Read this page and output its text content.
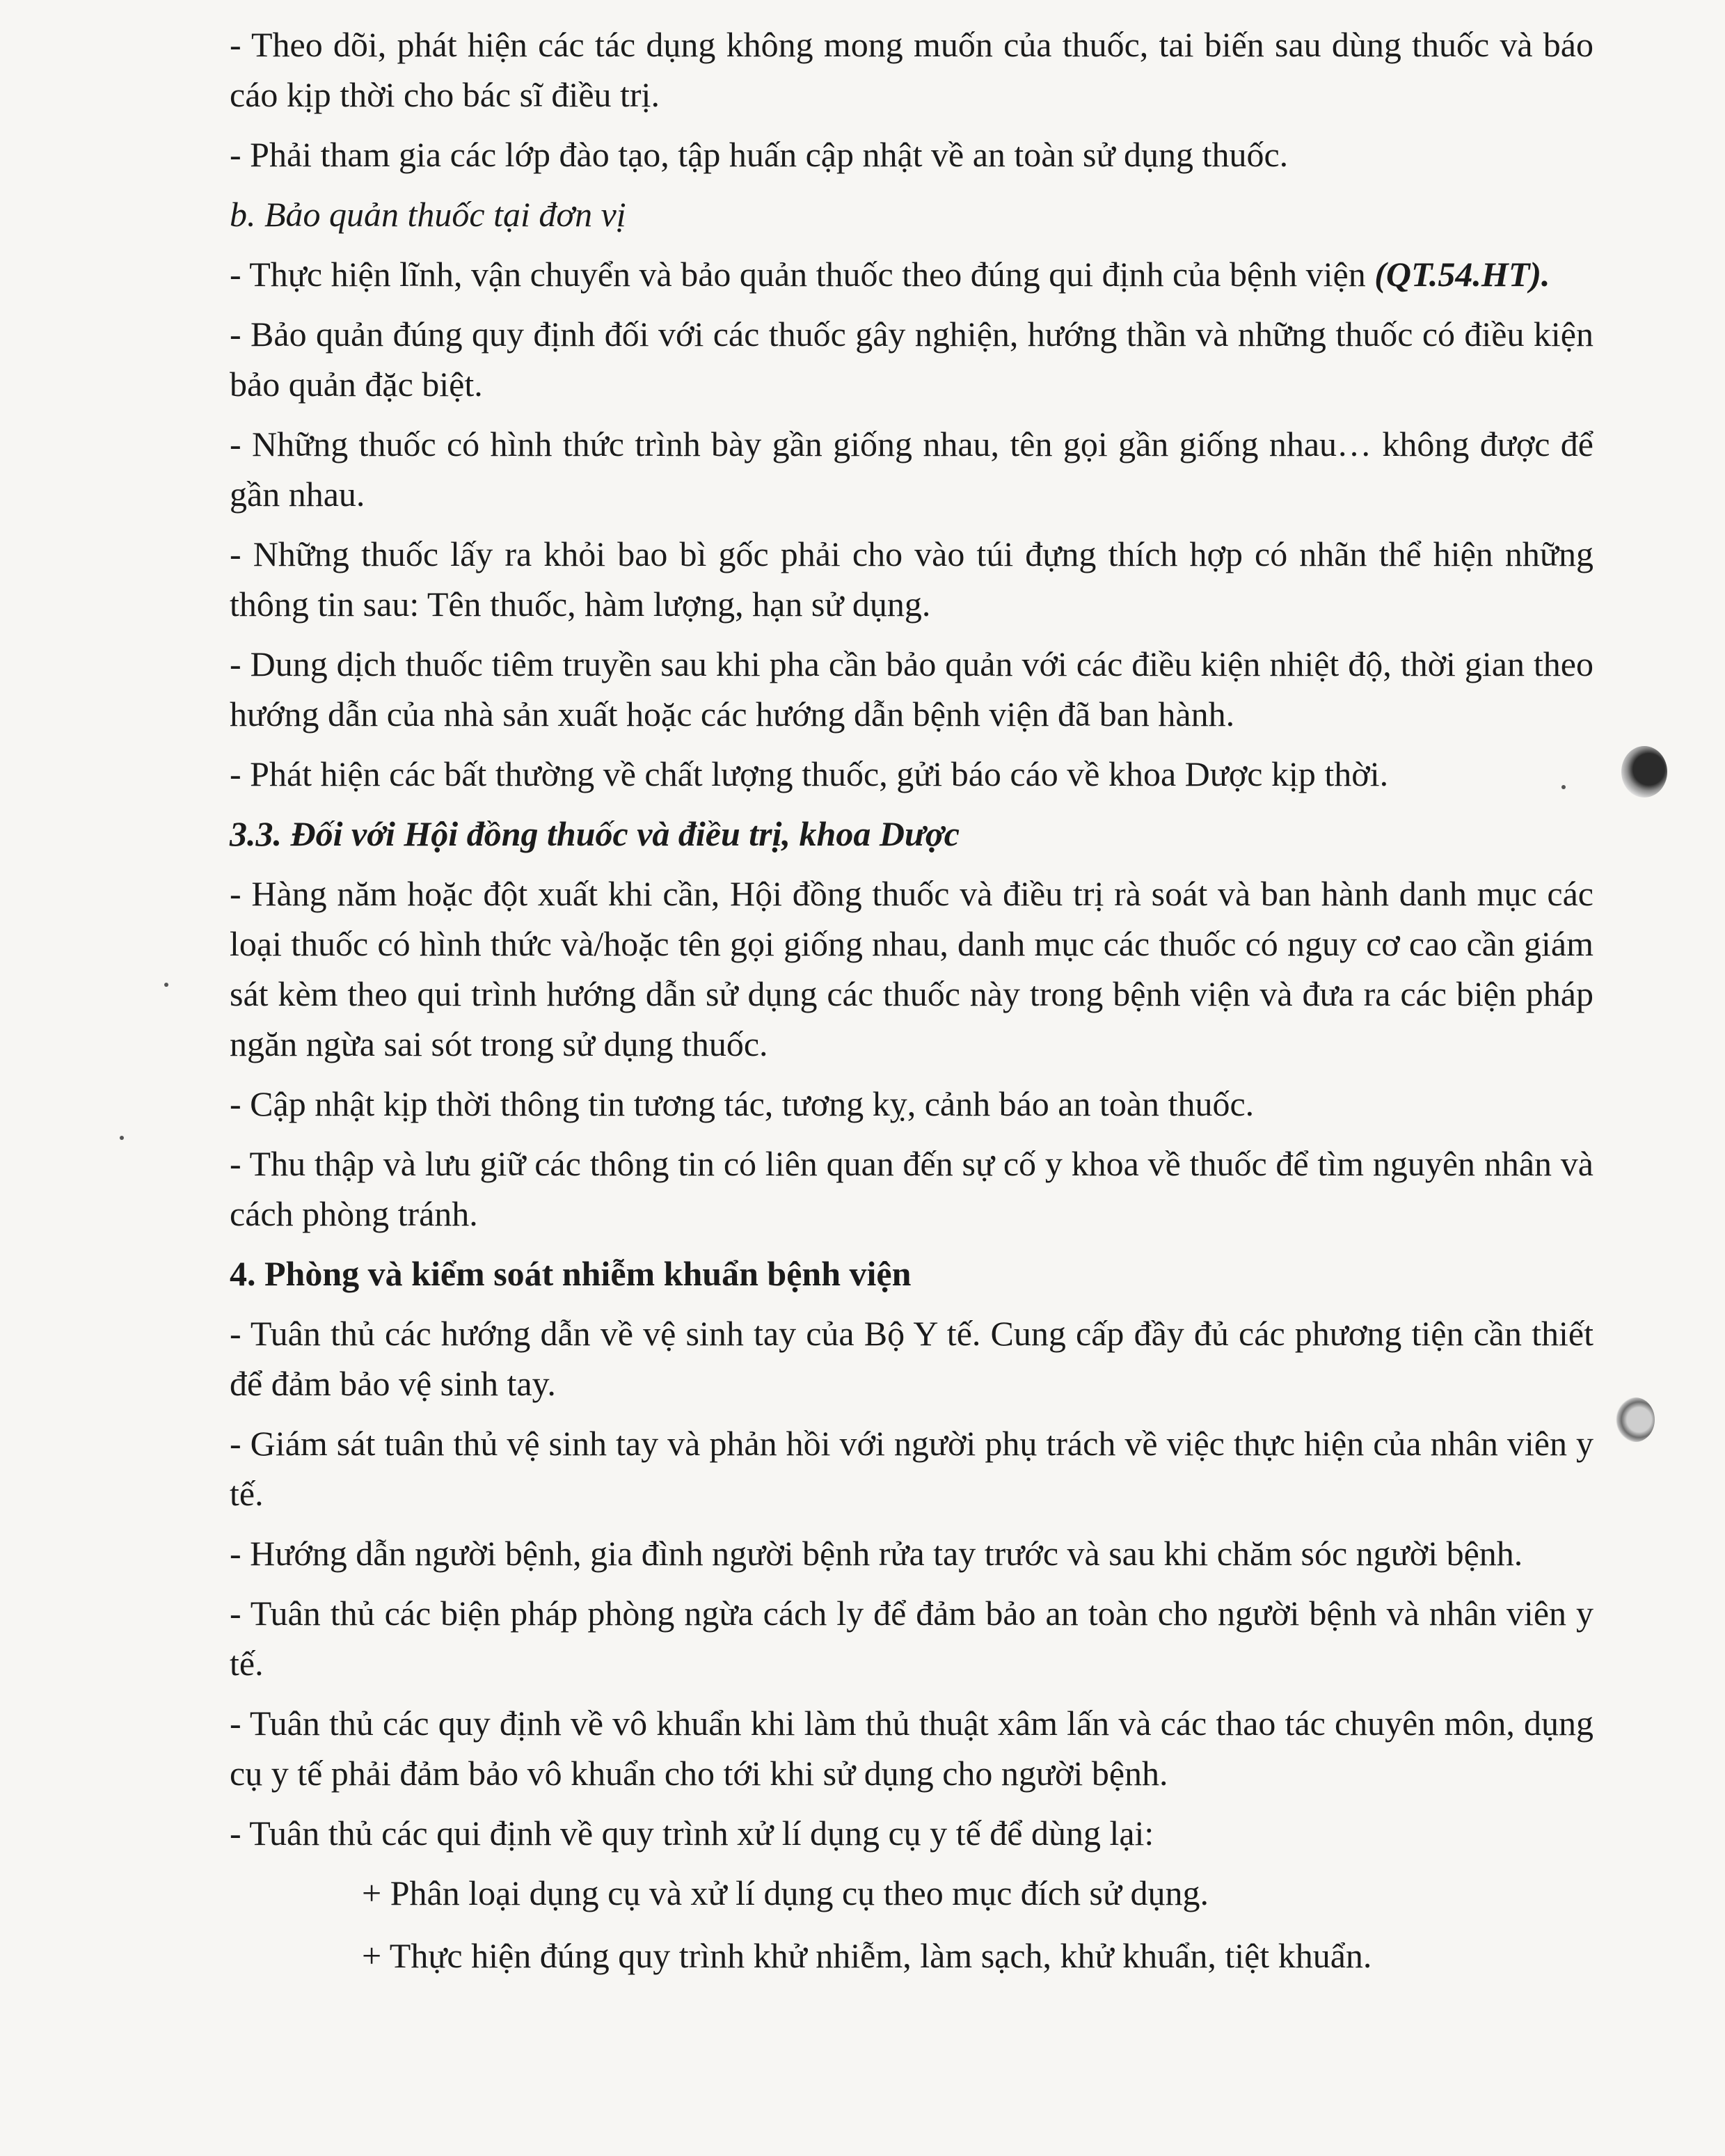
- Theo dõi, phát hiện các tác dụng không mong muốn của thuốc, tai biến sau dùng thuốc và báo cáo kịp thời cho bác sĩ điều trị.

- Phải tham gia các lớp đào tạo, tập huấn cập nhật về an toàn sử dụng thuốc.

b. Bảo quản thuốc tại đơn vị

- Thực hiện lĩnh, vận chuyển và bảo quản thuốc theo đúng qui định của bệnh viện (QT.54.HT).

- Bảo quản đúng quy định đối với các thuốc gây nghiện, hướng thần và những thuốc có điều kiện bảo quản đặc biệt.

- Những thuốc có hình thức trình bày gần giống nhau, tên gọi gần giống nhau… không được để gần nhau.

- Những thuốc lấy ra khỏi bao bì gốc phải cho vào túi đựng thích hợp có nhãn thể hiện những thông tin sau: Tên thuốc, hàm lượng, hạn sử dụng.

- Dung dịch thuốc tiêm truyền sau khi pha cần bảo quản với các điều kiện nhiệt độ, thời gian theo hướng dẫn của nhà sản xuất hoặc các hướng dẫn bệnh viện đã ban hành.

- Phát hiện các bất thường về chất lượng thuốc, gửi báo cáo về khoa Dược kịp thời.

3.3. Đối với Hội đồng thuốc và điều trị, khoa Dược

- Hàng năm hoặc đột xuất khi cần, Hội đồng thuốc và điều trị rà soát và ban hành danh mục các loại thuốc có hình thức và/hoặc tên gọi giống nhau, danh mục các thuốc có nguy cơ cao cần giám sát kèm theo qui trình hướng dẫn sử dụng các thuốc này trong bệnh viện và đưa ra các biện pháp ngăn ngừa sai sót trong sử dụng thuốc.

- Cập nhật kịp thời thông tin tương tác, tương kỵ, cảnh báo an toàn thuốc.

- Thu thập và lưu giữ các thông tin có liên quan đến sự cố y khoa về thuốc để tìm nguyên nhân và cách phòng tránh.

4. Phòng và kiểm soát nhiễm khuẩn bệnh viện

- Tuân thủ các hướng dẫn về vệ sinh tay của Bộ Y tế. Cung cấp đầy đủ các phương tiện cần thiết để đảm bảo vệ sinh tay.

- Giám sát tuân thủ vệ sinh tay và phản hồi với người phụ trách về việc thực hiện của nhân viên y tế.

- Hướng dẫn người bệnh, gia đình người bệnh rửa tay trước và sau khi chăm sóc người bệnh.

- Tuân thủ các biện pháp phòng ngừa cách ly để đảm bảo an toàn cho người bệnh và nhân viên y tế.

- Tuân thủ các quy định về vô khuẩn khi làm thủ thuật xâm lấn và các thao tác chuyên môn, dụng cụ y tế phải đảm bảo vô khuẩn cho tới khi sử dụng cho người bệnh.

- Tuân thủ các qui định về quy trình xử lí dụng cụ y tế để dùng lại:

+ Phân loại dụng cụ và xử lí dụng cụ theo mục đích sử dụng.

+ Thực hiện đúng quy trình khử nhiễm, làm sạch, khử khuẩn, tiệt khuẩn.
